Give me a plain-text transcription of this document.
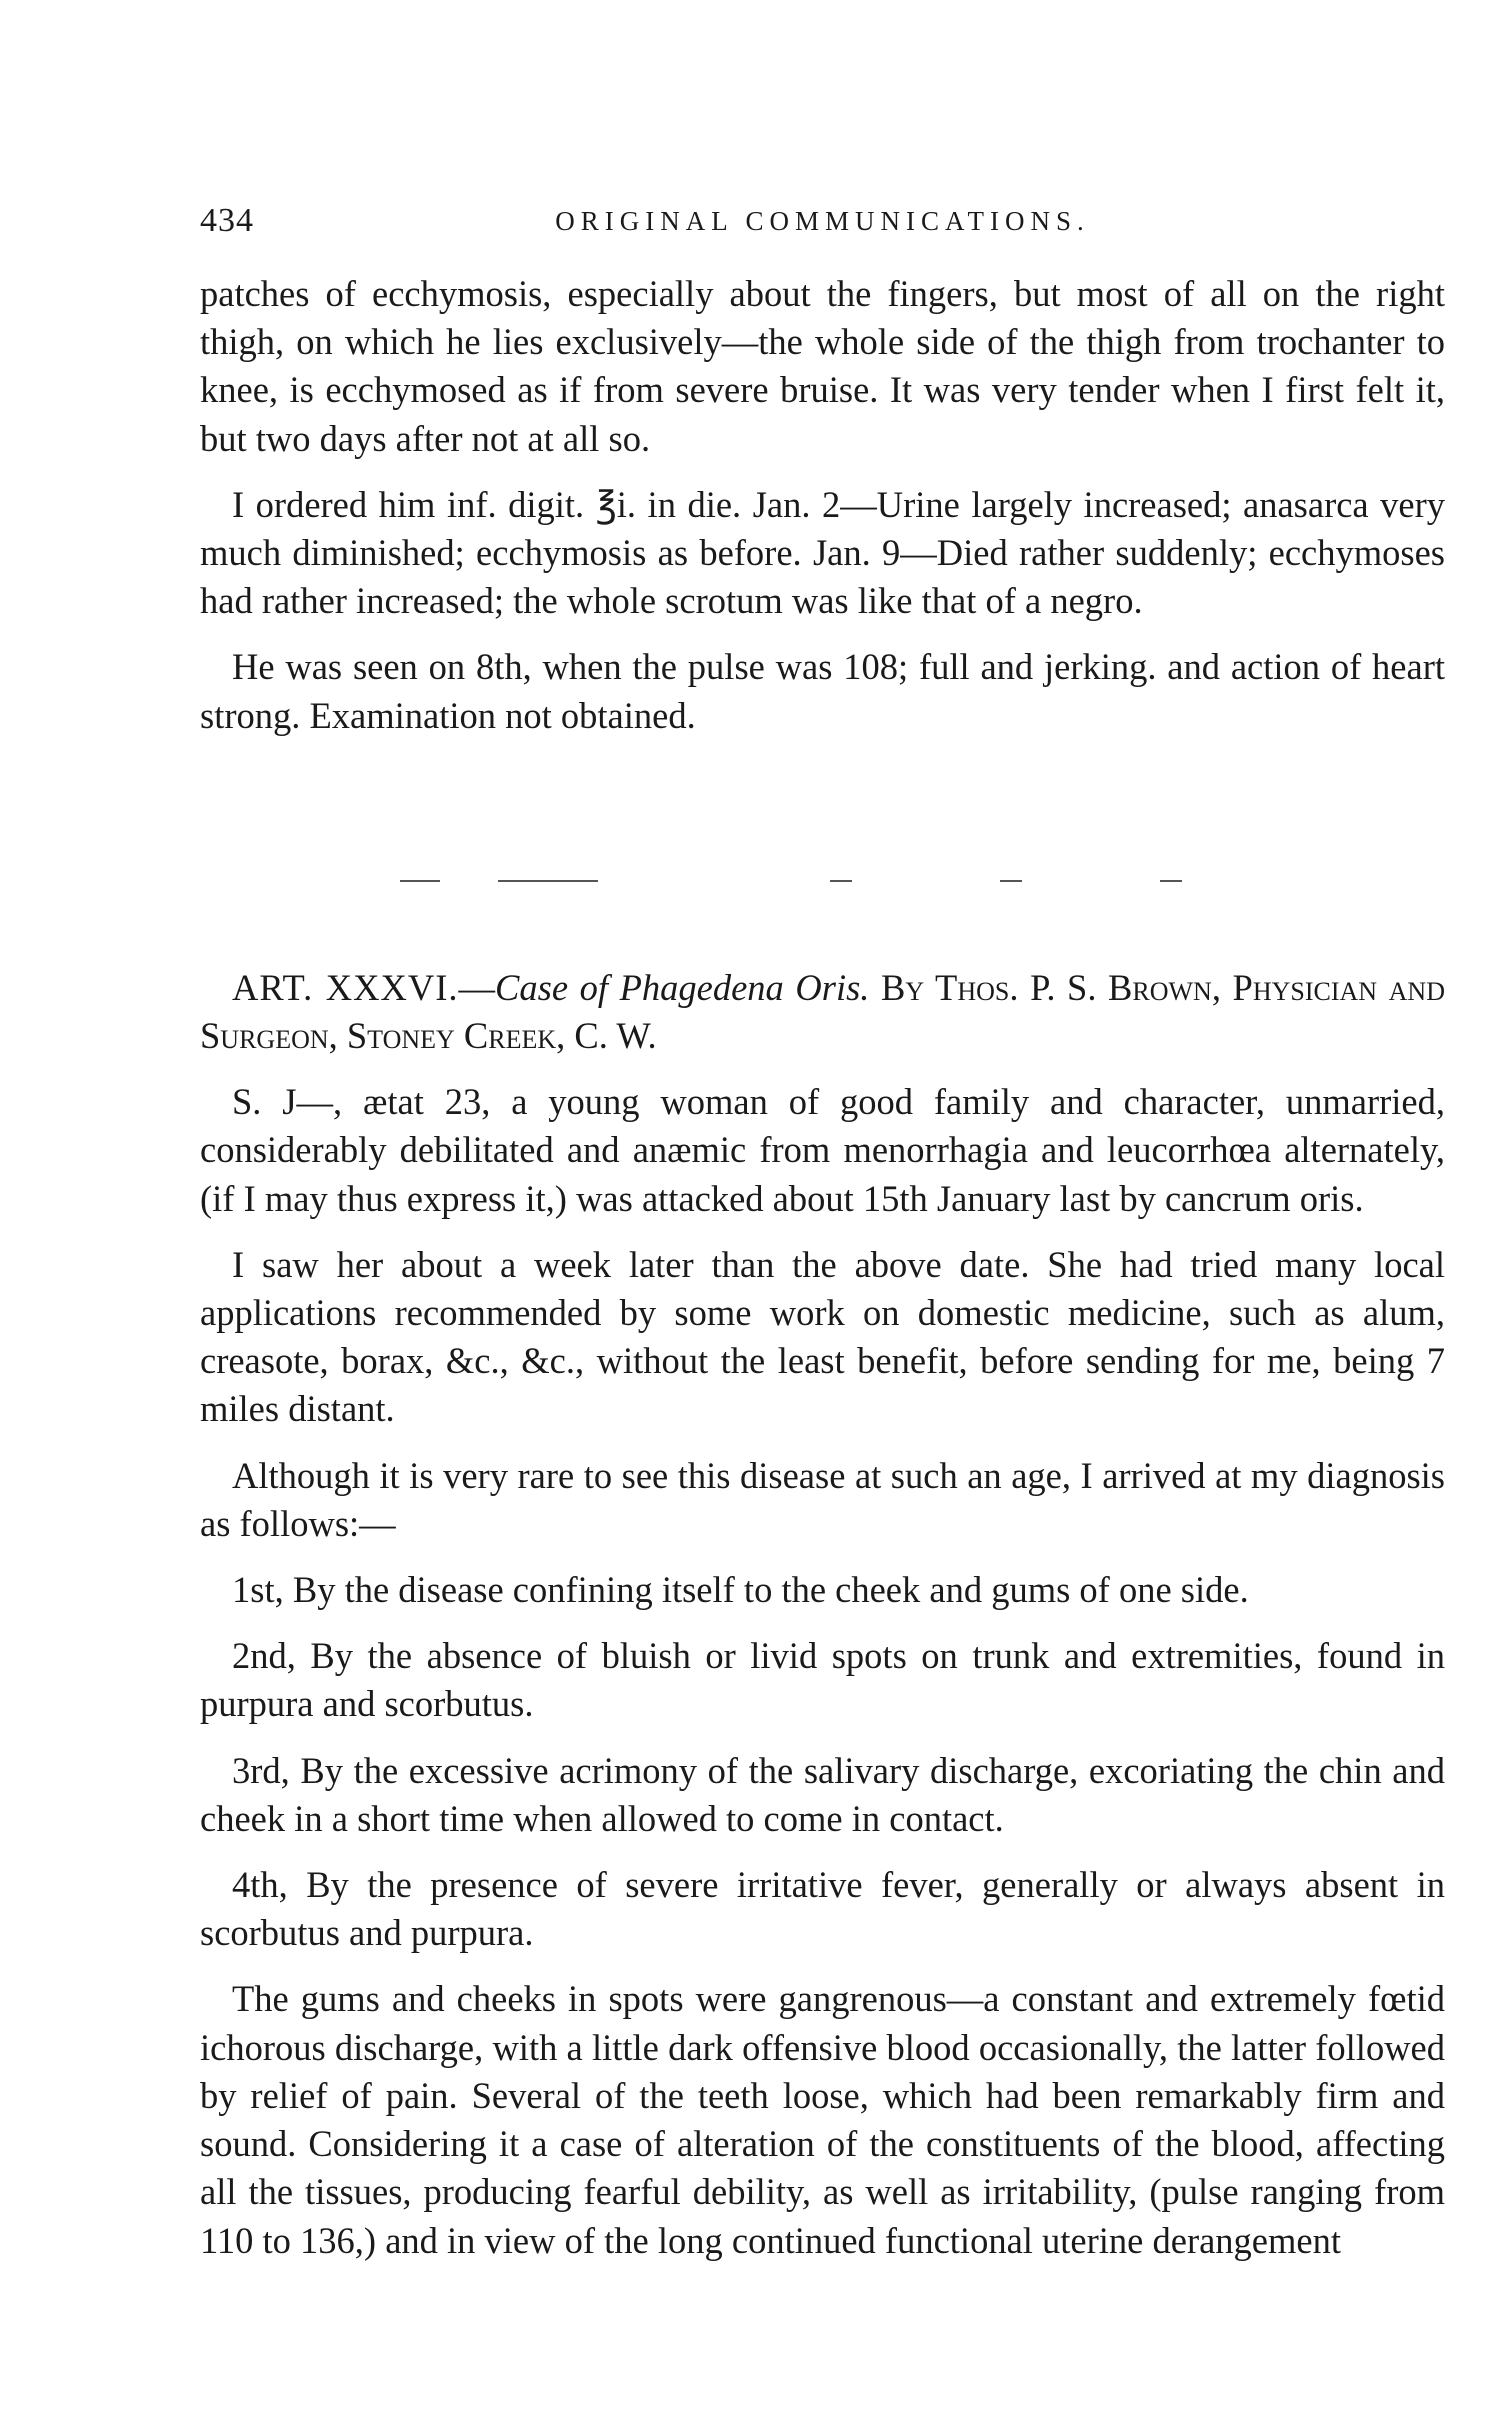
434	ORIGINAL COMMUNICATIONS.

patches of ecchymosis, especially about the fingers, but most of all on the right thigh, on which he lies exclusively—the whole side of the thigh from trochanter to knee, is ecchymosed as if from severe bruise. It was very tender when I first felt it, but two days after not at all so.

I ordered him inf. digit. ℥i. in die. Jan. 2—Urine largely increased; anasarca very much diminished; ecchymosis as before. Jan. 9—Died rather suddenly; ecchymoses had rather increased; the whole scrotum was like that of a negro.

He was seen on 8th, when the pulse was 108; full and jerking. and action of heart strong. Examination not obtained.

ART. XXXVI.—Case of Phagedena Oris. By Thos. P. S. Brown, Physician and Surgeon, Stoney Creek, C. W.

S. J—, ætat 23, a young woman of good family and character, unmarried, considerably debilitated and anæmic from menorrhagia and leucorrhœa alternately, (if I may thus express it,) was attacked about 15th January last by cancrum oris.

I saw her about a week later than the above date. She had tried many local applications recommended by some work on domestic medicine, such as alum, creasote, borax, &c., &c., without the least benefit, before sending for me, being 7 miles distant.

Although it is very rare to see this disease at such an age, I arrived at my diagnosis as follows:—

1st, By the disease confining itself to the cheek and gums of one side.

2nd, By the absence of bluish or livid spots on trunk and extremities, found in purpura and scorbutus.

3rd, By the excessive acrimony of the salivary discharge, excoriating the chin and cheek in a short time when allowed to come in contact.

4th, By the presence of severe irritative fever, generally or always absent in scorbutus and purpura.

The gums and cheeks in spots were gangrenous—a constant and extremely fœtid ichorous discharge, with a little dark offensive blood occasionally, the latter followed by relief of pain. Several of the teeth loose, which had been remarkably firm and sound. Considering it a case of alteration of the constituents of the blood, affecting all the tissues, producing fearful debility, as well as irritability, (pulse ranging from 110 to 136,) and in view of the long continued functional uterine derangement
